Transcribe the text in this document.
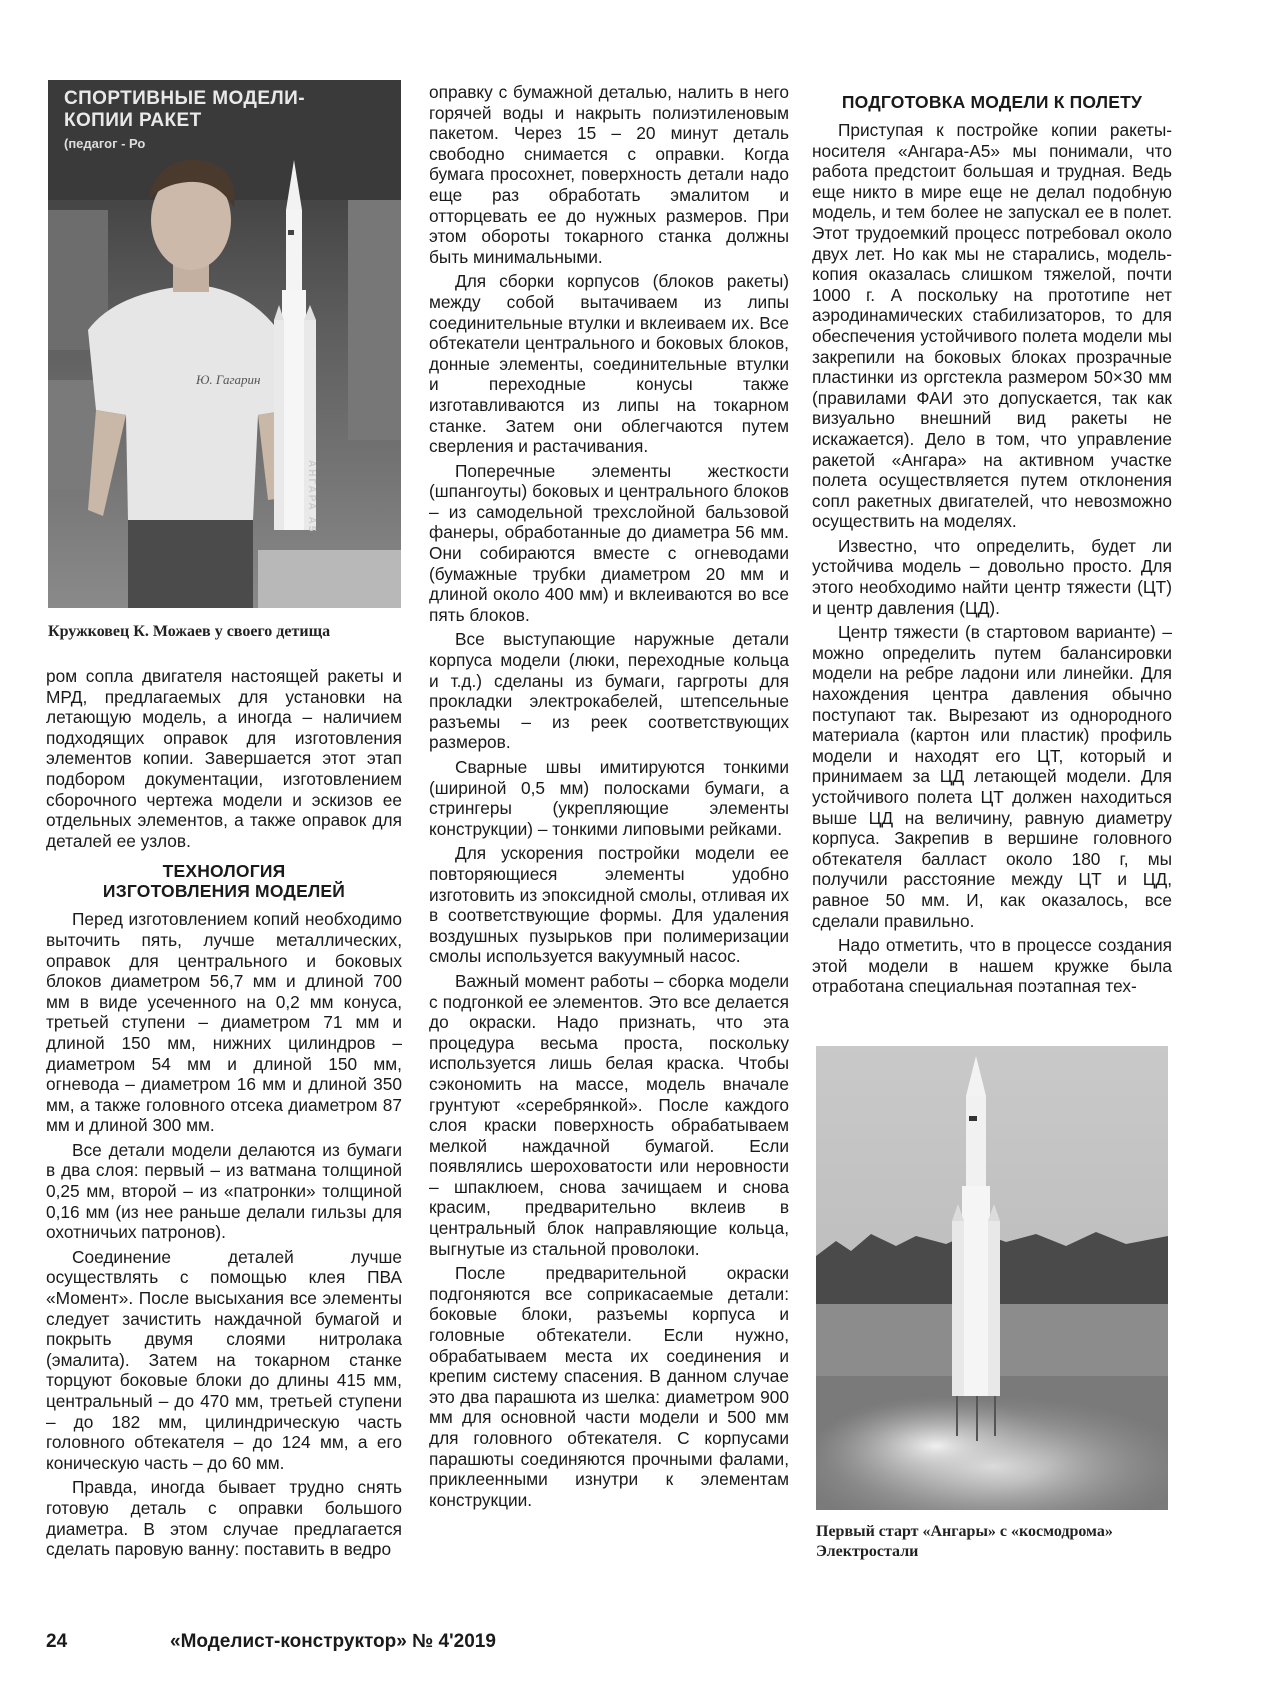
СПОРТИВНЫЕ МОДЕЛИ-КОПИИ РАКЕТ
(педагог - Ро
Ю. Гагарин
АНГАРА А5
Кружковец К. Можаев у своего детища

ром сопла двигателя настоящей ракеты и МРД, предлагаемых для установки на летающую модель, а иногда – наличием подходящих оправок для изготовления элементов копии. Завершается этот этап подбором документации, изготовлением сборочного чертежа модели и эскизов ее отдельных элементов, а также оправок для деталей ее узлов.

ТЕХНОЛОГИЯ
ИЗГОТОВЛЕНИЯ МОДЕЛЕЙ

Перед изготовлением копий необходимо выточить пять, лучше металлических, оправок для центрального и боковых блоков диаметром 56,7 мм и длиной 700 мм в виде усеченного на 0,2 мм конуса, третьей ступени – диаметром 71 мм и длиной 150 мм, нижних цилиндров – диаметром 54 мм и длиной 150 мм, огневода – диаметром 16 мм и длиной 350 мм, а также головного отсека диаметром 87 мм и длиной 300 мм.

Все детали модели делаются из бумаги в два слоя: первый – из ватмана толщиной 0,25 мм, второй – из «патронки» толщиной 0,16 мм (из нее раньше делали гильзы для охотничьих патронов).

Соединение деталей лучше осуществлять с помощью клея ПВА «Момент». После высыхания все элементы следует зачистить наждачной бумагой и покрыть двумя слоями нитролака (эмалита). Затем на токарном станке торцуют боковые блоки до длины 415 мм, центральный – до 470 мм, третьей ступени – до 182 мм, цилиндрическую часть головного обтекателя – до 124 мм, а его коническую часть – до 60 мм.

Правда, иногда бывает трудно снять готовую деталь с оправки большого диаметра. В этом случае предлагается сделать паровую ванну: поставить в ведро

оправку с бумажной деталью, налить в него горячей воды и накрыть полиэтиленовым пакетом. Через 15 – 20 минут деталь свободно снимается с оправки. Когда бумага просохнет, поверхность детали надо еще раз обработать эмалитом и отторцевать ее до нужных размеров. При этом обороты токарного станка должны быть минимальными.

Для сборки корпусов (блоков ракеты) между собой вытачиваем из липы соединительные втулки и вклеиваем их. Все обтекатели центрального и боковых блоков, донные элементы, соединительные втулки и переходные конусы также изготавливаются из липы на токарном станке. Затем они облегчаются путем сверления и растачивания.

Поперечные элементы жесткости (шпангоуты) боковых и центрального блоков – из самодельной трехслойной бальзовой фанеры, обработанные до диаметра 56 мм. Они собираются вместе с огневодами (бумажные трубки диаметром 20 мм и длиной около 400 мм) и вклеиваются во все пять блоков.

Все выступающие наружные детали корпуса модели (люки, переходные кольца и т.д.) сделаны из бумаги, гаргроты для прокладки электрокабелей, штепсельные разъемы – из реек соответствующих размеров.

Сварные швы имитируются тонкими (шириной 0,5 мм) полосками бумаги, а стрингеры (укрепляющие элементы конструкции) – тонкими липовыми рейками.

Для ускорения постройки модели ее повторяющиеся элементы удобно изготовить из эпоксидной смолы, отливая их в соответствующие формы. Для удаления воздушных пузырьков при полимеризации смолы используется вакуумный насос.

Важный момент работы – сборка модели с подгонкой ее элементов. Это все делается до окраски. Надо признать, что эта процедура весьма проста, поскольку используется лишь белая краска. Чтобы сэкономить на массе, модель вначале грунтуют «серебрянкой». После каждого слоя краски поверхность обрабатываем мелкой наждачной бумагой. Если появлялись шероховатости или неровности – шпаклюем, снова зачищаем и снова красим, предварительно вклеив в центральный блок направляющие кольца, выгнутые из стальной проволоки.

После предварительной окраски подгоняются все соприкасаемые детали: боковые блоки, разъемы корпуса и головные обтекатели. Если нужно, обрабатываем места их соединения и крепим систему спасения. В данном случае это два парашюта из шелка: диаметром 900 мм для основной части модели и 500 мм для головного обтекателя. С корпусами парашюты соединяются прочными фалами, приклеенными изнутри к элементам конструкции.

ПОДГОТОВКА МОДЕЛИ К ПОЛЕТУ

Приступая к постройке копии ракеты-носителя «Ангара-А5» мы понимали, что работа предстоит большая и трудная. Ведь еще никто в мире еще не делал подобную модель, и тем более не запускал ее в полет. Этот трудоемкий процесс потребовал около двух лет. Но как мы не старались, модель-копия оказалась слишком тяжелой, почти 1000 г. А поскольку на прототипе нет аэродинамических стабилизаторов, то для обеспечения устойчивого полета модели мы закрепили на боковых блоках прозрачные пластинки из оргстекла размером 50×30 мм (правилами ФАИ это допускается, так как визуально внешний вид ракеты не искажается). Дело в том, что управление ракетой «Ангара» на активном участке полета осуществляется путем отклонения сопл ракетных двигателей, что невозможно осуществить на моделях.

Известно, что определить, будет ли устойчива модель – довольно просто. Для этого необходимо найти центр тяжести (ЦТ) и центр давления (ЦД).

Центр тяжести (в стартовом варианте) – можно определить путем балансировки модели на ребре ладони или линейки. Для нахождения центра давления обычно поступают так. Вырезают из однородного материала (картон или пластик) профиль модели и находят его ЦТ, который и принимаем за ЦД летающей модели. Для устойчивого полета ЦТ должен находиться выше ЦД на величину, равную диаметру корпуса. Закрепив в вершине головного обтекателя балласт около 180 г, мы получили расстояние между ЦТ и ЦД, равное 50 мм. И, как оказалось, все сделали правильно.

Надо отметить, что в процессе создания этой модели в нашем кружке была отработана специальная поэтапная тех-

Первый старт «Ангары» с «космодрома» Электростали
24	«Моделист-конструктор» № 4'2019
